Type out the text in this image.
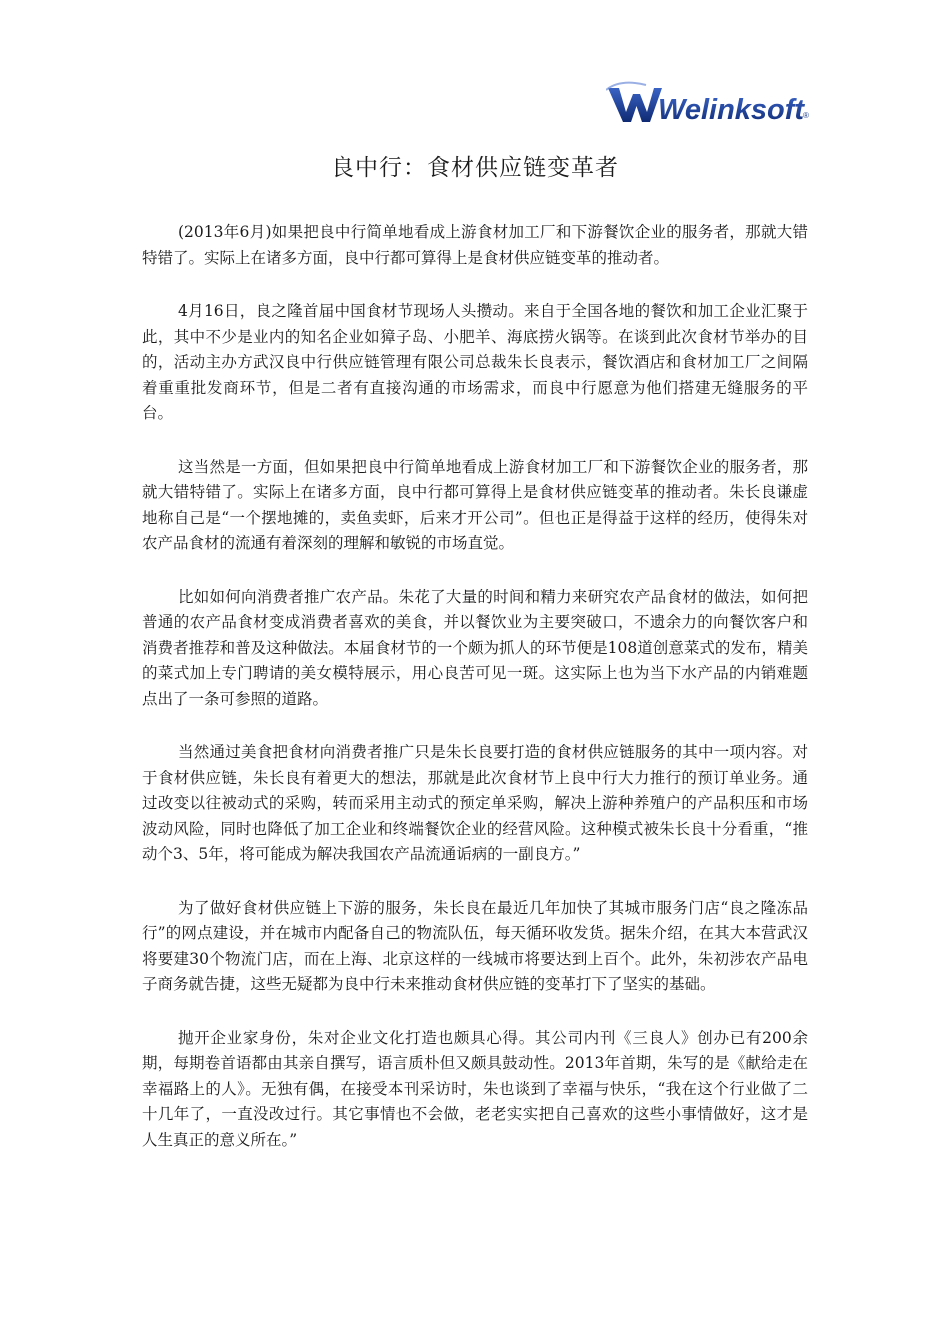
Welinksoft
®
良中行：食材供应链变革者

(2013年6月)如果把良中行简单地看成上游食材加工厂和下游餐饮企业的服务者，那就大错特错了。实际上在诸多方面，良中行都可算得上是食材供应链变革的推动者。

4月16日，良之隆首届中国食材节现场人头攒动。来自于全国各地的餐饮和加工企业汇聚于此，其中不少是业内的知名企业如獐子岛、小肥羊、海底捞火锅等。在谈到此次食材节举办的目的，活动主办方武汉良中行供应链管理有限公司总裁朱长良表示，餐饮酒店和食材加工厂之间隔着重重批发商环节，但是二者有直接沟通的市场需求，而良中行愿意为他们搭建无缝服务的平台。

这当然是一方面，但如果把良中行简单地看成上游食材加工厂和下游餐饮企业的服务者，那就大错特错了。实际上在诸多方面，良中行都可算得上是食材供应链变革的推动者。朱长良谦虚地称自己是“一个摆地摊的，卖鱼卖虾，后来才开公司”。但也正是得益于这样的经历，使得朱对农产品食材的流通有着深刻的理解和敏锐的市场直觉。

比如如何向消费者推广农产品。朱花了大量的时间和精力来研究农产品食材的做法，如何把普通的农产品食材变成消费者喜欢的美食，并以餐饮业为主要突破口，不遗余力的向餐饮客户和消费者推荐和普及这种做法。本届食材节的一个颇为抓人的环节便是108道创意菜式的发布，精美的菜式加上专门聘请的美女模特展示，用心良苦可见一斑。这实际上也为当下水产品的内销难题点出了一条可参照的道路。

当然通过美食把食材向消费者推广只是朱长良要打造的食材供应链服务的其中一项内容。对于食材供应链，朱长良有着更大的想法，那就是此次食材节上良中行大力推行的预订单业务。通过改变以往被动式的采购，转而采用主动式的预定单采购，解决上游种养殖户的产品积压和市场波动风险，同时也降低了加工企业和终端餐饮企业的经营风险。这种模式被朱长良十分看重，“推动个3、5年，将可能成为解决我国农产品流通诟病的一副良方。”

为了做好食材供应链上下游的服务，朱长良在最近几年加快了其城市服务门店“良之隆冻品行”的网点建设，并在城市内配备自己的物流队伍，每天循环收发货。据朱介绍，在其大本营武汉将要建30个物流门店，而在上海、北京这样的一线城市将要达到上百个。此外，朱初涉农产品电子商务就告捷，这些无疑都为良中行未来推动食材供应链的变革打下了坚实的基础。

抛开企业家身份，朱对企业文化打造也颇具心得。其公司内刊《三良人》创办已有200余期，每期卷首语都由其亲自撰写，语言质朴但又颇具鼓动性。2013年首期，朱写的是《献给走在幸福路上的人》。无独有偶，在接受本刊采访时，朱也谈到了幸福与快乐，“我在这个行业做了二十几年了，一直没改过行。其它事情也不会做，老老实实把自己喜欢的这些小事情做好，这才是人生真正的意义所在。”
